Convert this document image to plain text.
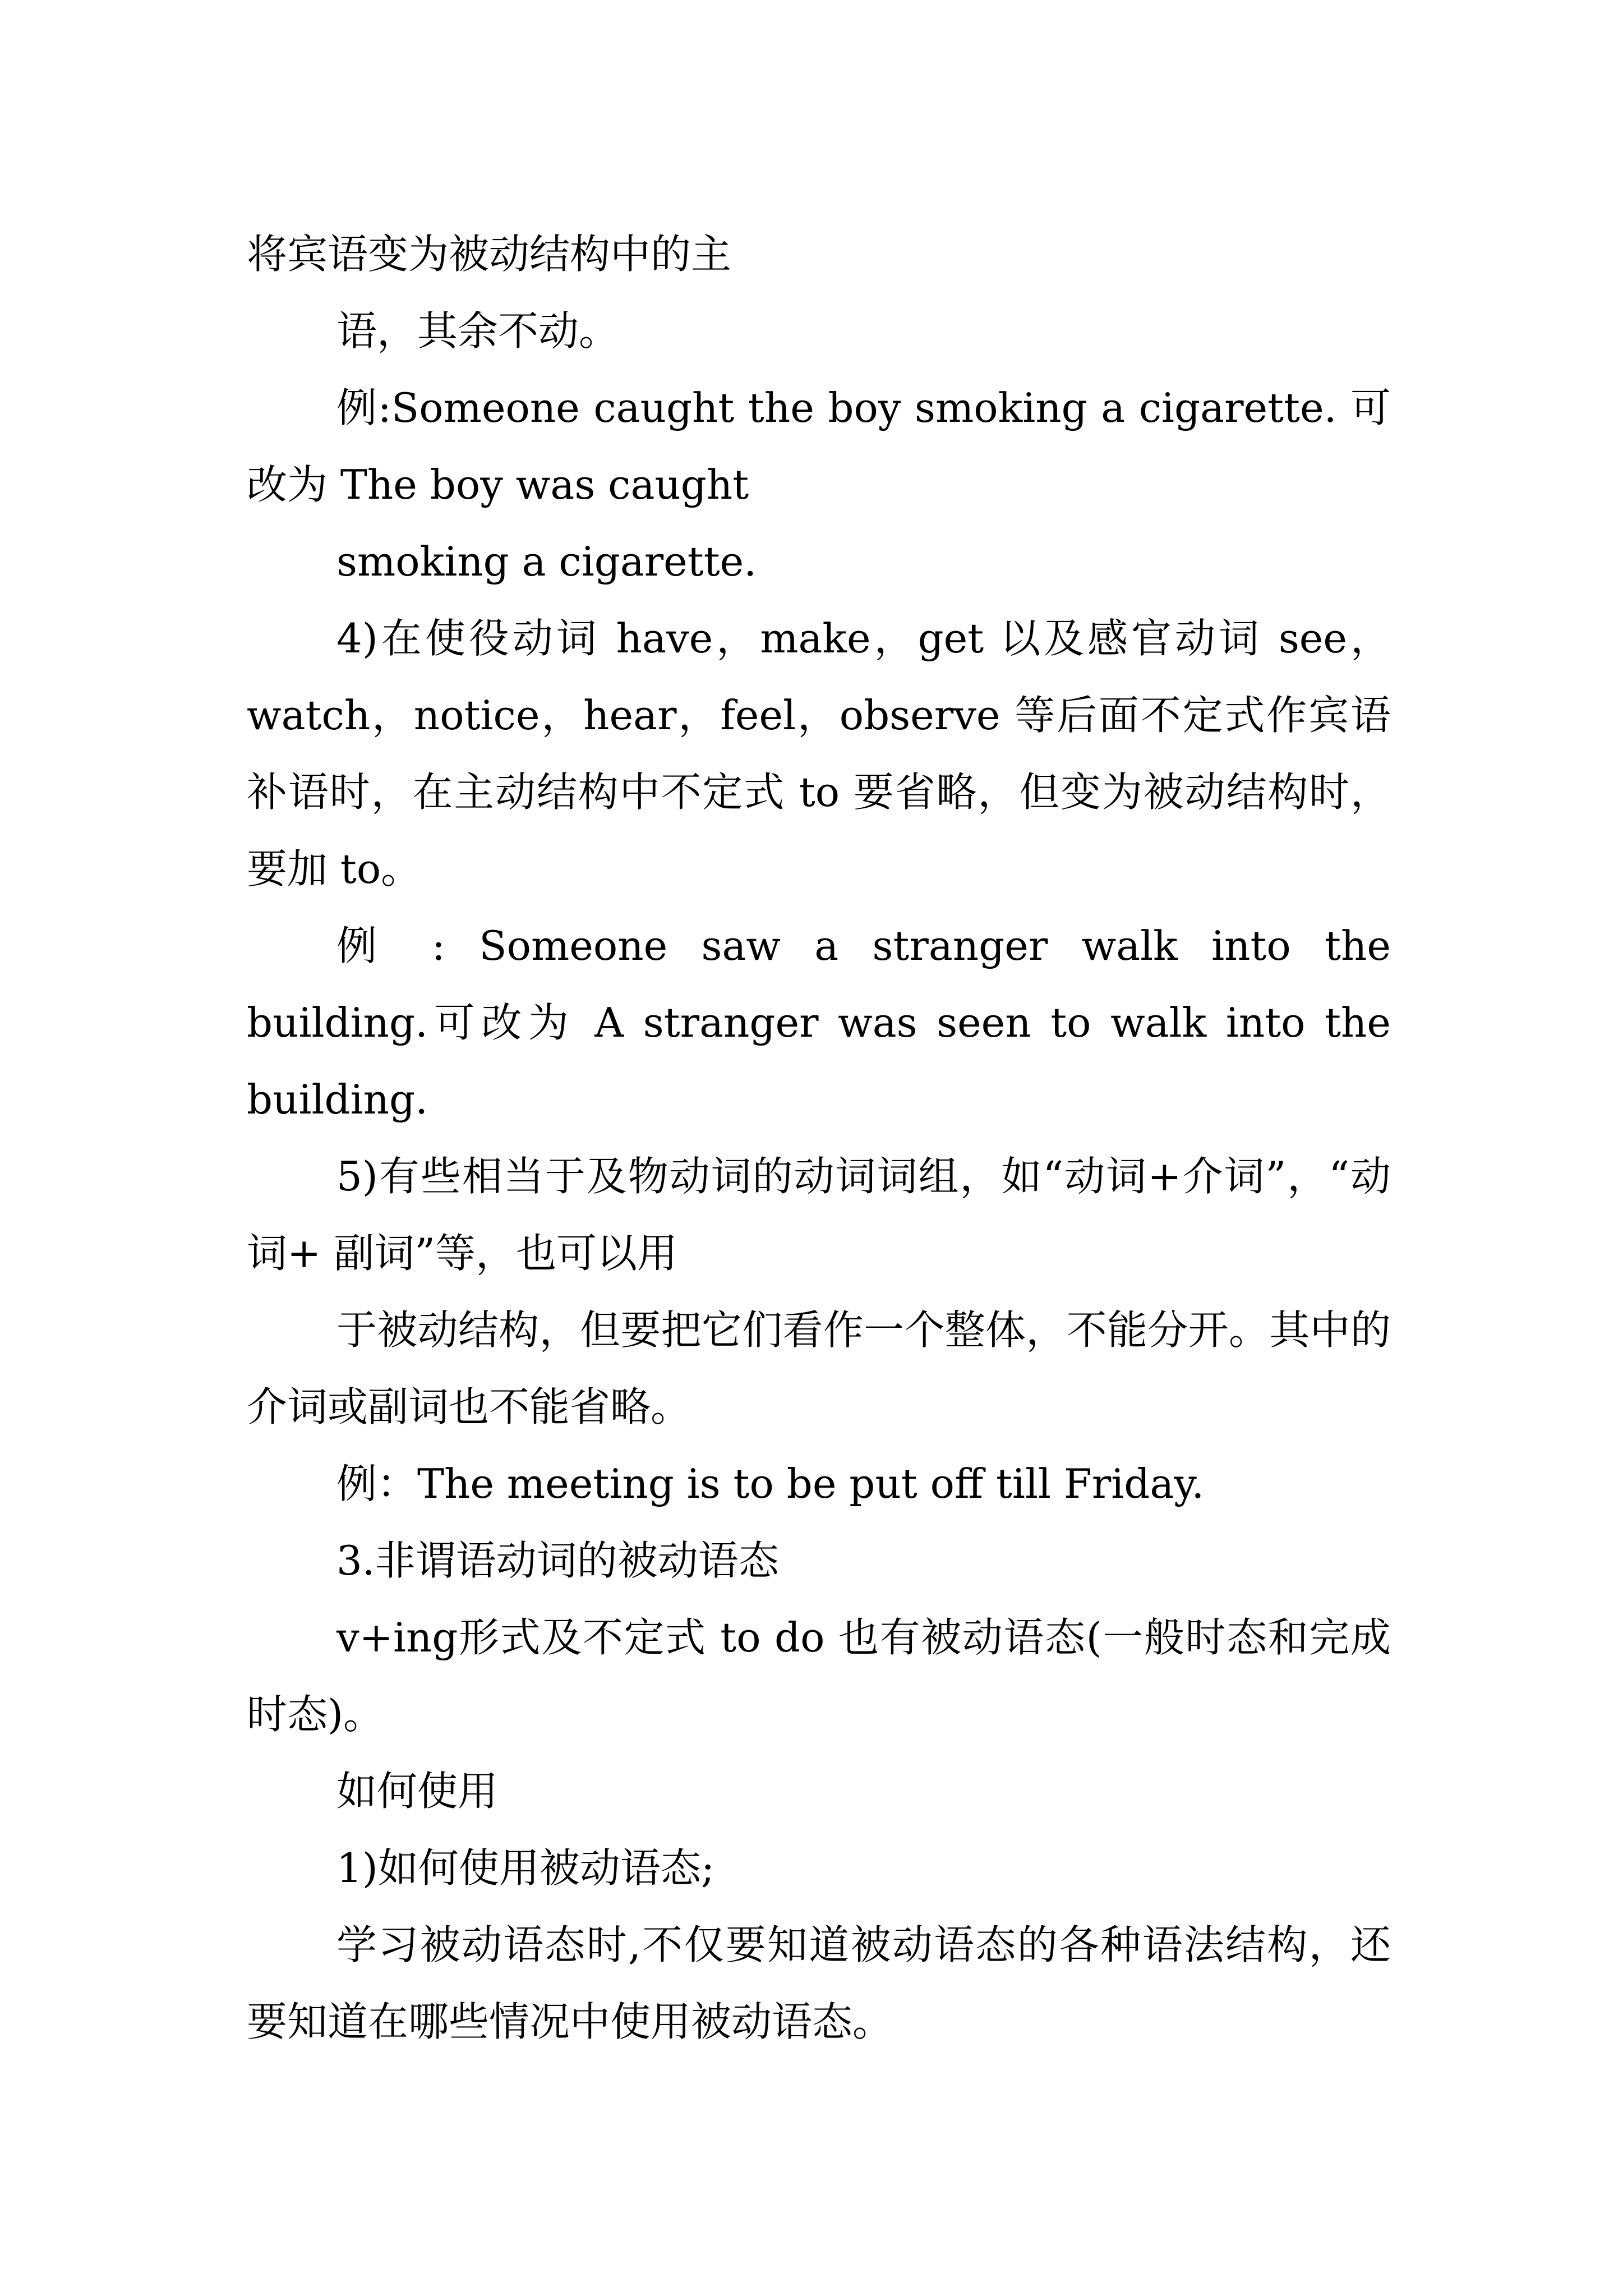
将宾语变为被动结构中的主

语，其余不动。

例:Someone caught the boy smoking a cigarette. 可改为 The boy was caught

smoking a cigarette.

4)在使役动词 have，make，get 以及感官动词 see，watch，notice，hear，feel，observe 等后面不定式作宾语补语时，在主动结构中不定式 to 要省略，但变为被动结构时，要加 to。

例 : Someone saw a stranger walk into the building.可改为 A stranger was seen to walk into the building.

5)有些相当于及物动词的动词词组，如“动词+介词”，“动词+ 副词”等，也可以用

于被动结构，但要把它们看作一个整体，不能分开。其中的介词或副词也不能省略。

例：The meeting is to be put off till Friday.

3.非谓语动词的被动语态

v+ing形式及不定式 to do 也有被动语态(一般时态和完成时态)。

如何使用

1)如何使用被动语态;

学习被动语态时,不仅要知道被动语态的各种语法结构，还要知道在哪些情况中使用被动语态。
